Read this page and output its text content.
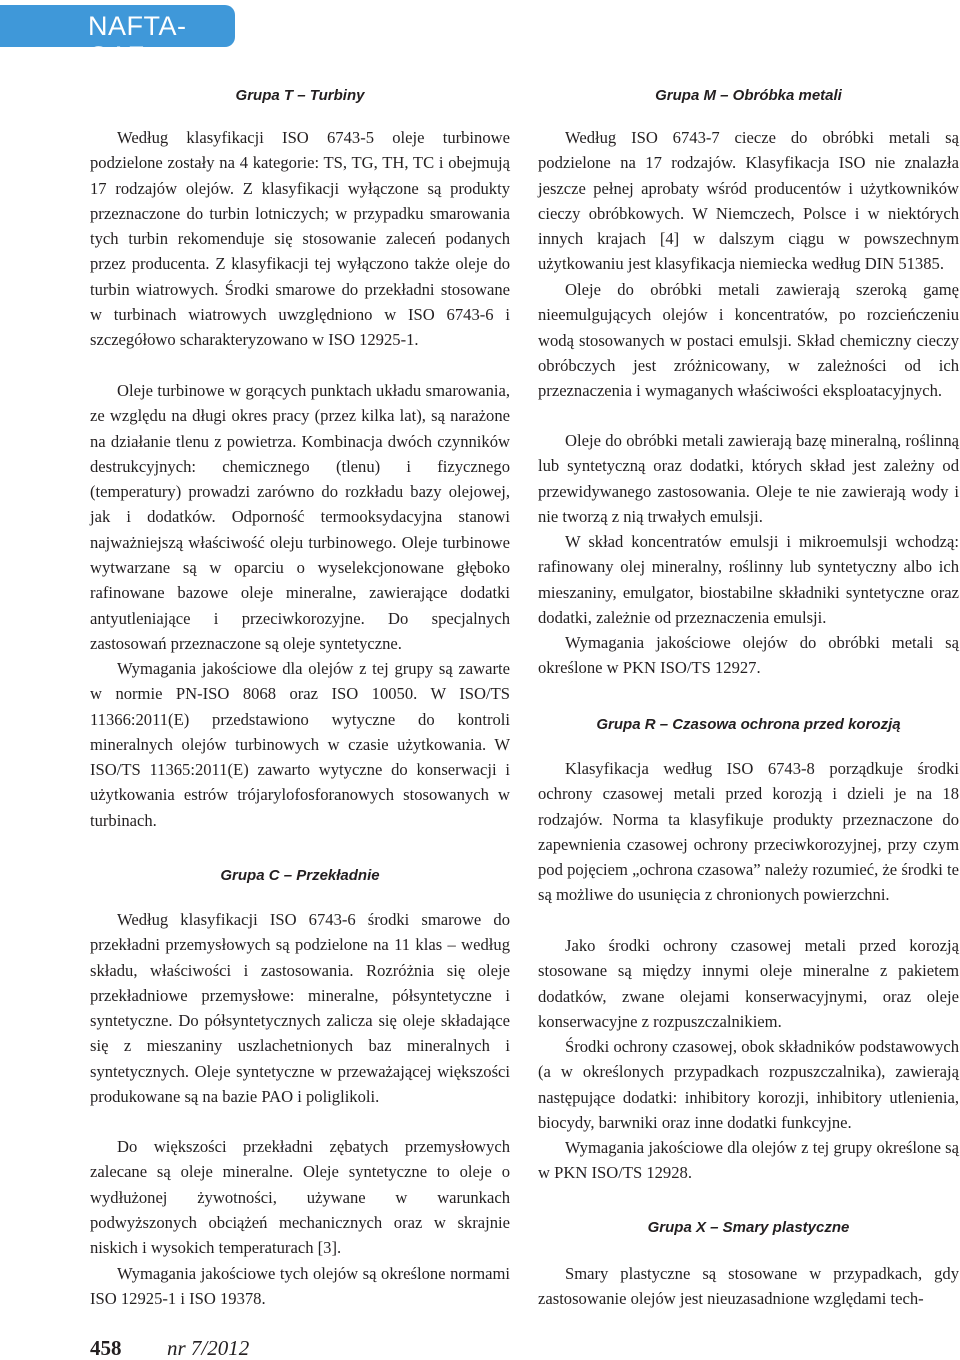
NAFTA-GAZ
Grupa T – Turbiny

Według klasyfikacji ISO 6743-5 oleje turbinowe podzielone zostały na 4 kategorie: TS, TG, TH, TC i obejmują 17 rodzajów olejów. Z klasyfikacji wyłączone są produkty przeznaczone do turbin lotniczych; w przypadku smarowania tych turbin rekomenduje się stosowanie zaleceń podanych przez producenta. Z klasyfikacji tej wyłączono także oleje do turbin wiatrowych. Środki smarowe do przekładni stosowane w turbinach wiatrowych uwzględniono w ISO 6743-6 i szczegółowo scharakteryzowano w ISO 12925-1.

Oleje turbinowe w gorących punktach układu smarowania, ze względu na długi okres pracy (przez kilka lat), są narażone na działanie tlenu z powietrza. Kombinacja dwóch czynników destrukcyjnych: chemicznego (tlenu) i fizycznego (temperatury) prowadzi zarówno do rozkładu bazy olejowej, jak i dodatków. Odporność termooksydacyjna stanowi najważniejszą właściwość oleju turbinowego. Oleje turbinowe wytwarzane są w oparciu o wyselekcjonowane głęboko rafinowane bazowe oleje mineralne, zawierające dodatki antyutleniające i przeciwkorozyjne. Do specjalnych zastosowań przeznaczone są oleje syntetyczne.

Wymagania jakościowe dla olejów z tej grupy są zawarte w normie PN-ISO 8068 oraz ISO 10050. W ISO/TS 11366:2011(E) przedstawiono wytyczne do kontroli mineralnych olejów turbinowych w czasie użytkowania. W ISO/TS 11365:2011(E) zawarto wytyczne do konserwacji i użytkowania estrów trójarylofosforanowych stosowanych w turbinach.

Grupa C – Przekładnie

Według klasyfikacji ISO 6743-6 środki smarowe do przekładni przemysłowych są podzielone na 11 klas – według składu, właściwości i zastosowania. Rozróżnia się oleje przekładniowe przemysłowe: mineralne, półsyntetyczne i syntetyczne. Do półsyntetycznych zalicza się oleje składające się z mieszaniny uszlachetnionych baz mineralnych i syntetycznych. Oleje syntetyczne w przeważającej większości produkowane są na bazie PAO i poliglikoli.

Do większości przekładni zębatych przemysłowych zalecane są oleje mineralne. Oleje syntetyczne to oleje o wydłużonej żywotności, używane w warunkach podwyższonych obciążeń mechanicznych oraz w skrajnie niskich i wysokich temperaturach [3].

Wymagania jakościowe tych olejów są określone normami ISO 12925-1 i ISO 19378.

Grupa M – Obróbka metali

Według ISO 6743-7 ciecze do obróbki metali są podzielone na 17 rodzajów. Klasyfikacja ISO nie znalazła jeszcze pełnej aprobaty wśród producentów i użytkowników cieczy obróbkowych. W Niemczech, Polsce i w niektórych innych krajach [4] w dalszym ciągu w powszechnym użytkowaniu jest klasyfikacja niemiecka według DIN 51385.

Oleje do obróbki metali zawierają szeroką gamę nieemulgujących olejów i koncentratów, po rozcieńczeniu wodą stosowanych w postaci emulsji. Skład chemiczny cieczy obróbczych jest zróżnicowany, w zależności od ich przeznaczenia i wymaganych właściwości eksploatacyjnych.

Oleje do obróbki metali zawierają bazę mineralną, roślinną lub syntetyczną oraz dodatki, których skład jest zależny od przewidywanego zastosowania. Oleje te nie zawierają wody i nie tworzą z nią trwałych emulsji.

W skład koncentratów emulsji i mikroemulsji wchodzą: rafinowany olej mineralny, roślinny lub syntetyczny albo ich mieszaniny, emulgator, biostabilne składniki syntetyczne oraz dodatki, zależnie od przeznaczenia emulsji.

Wymagania jakościowe olejów do obróbki metali są określone w PKN ISO/TS 12927.

Grupa R – Czasowa ochrona przed korozją

Klasyfikacja według ISO 6743-8 porządkuje środki ochrony czasowej metali przed korozją i dzieli je na 18 rodzajów. Norma ta klasyfikuje produkty przeznaczone do zapewnienia czasowej ochrony przeciwkorozyjnej, przy czym pod pojęciem „ochrona czasowa” należy rozumieć, że środki te są możliwe do usunięcia z chronionych powierzchni.

Jako środki ochrony czasowej metali przed korozją stosowane są między innymi oleje mineralne z pakietem dodatków, zwane olejami konserwacyjnymi, oraz oleje konserwacyjne z rozpuszczalnikiem.

Środki ochrony czasowej, obok składników podstawowych (a w określonych przypadkach rozpuszczalnika), zawierają następujące dodatki: inhibitory korozji, inhibitory utlenienia, biocydy, barwniki oraz inne dodatki funkcyjne.

Wymagania jakościowe dla olejów z tej grupy określone są w PKN ISO/TS 12928.

Grupa X – Smary plastyczne

Smary plastyczne są stosowane w przypadkach, gdy zastosowanie olejów jest nieuzasadnione względami tech-

458 nr 7/2012
